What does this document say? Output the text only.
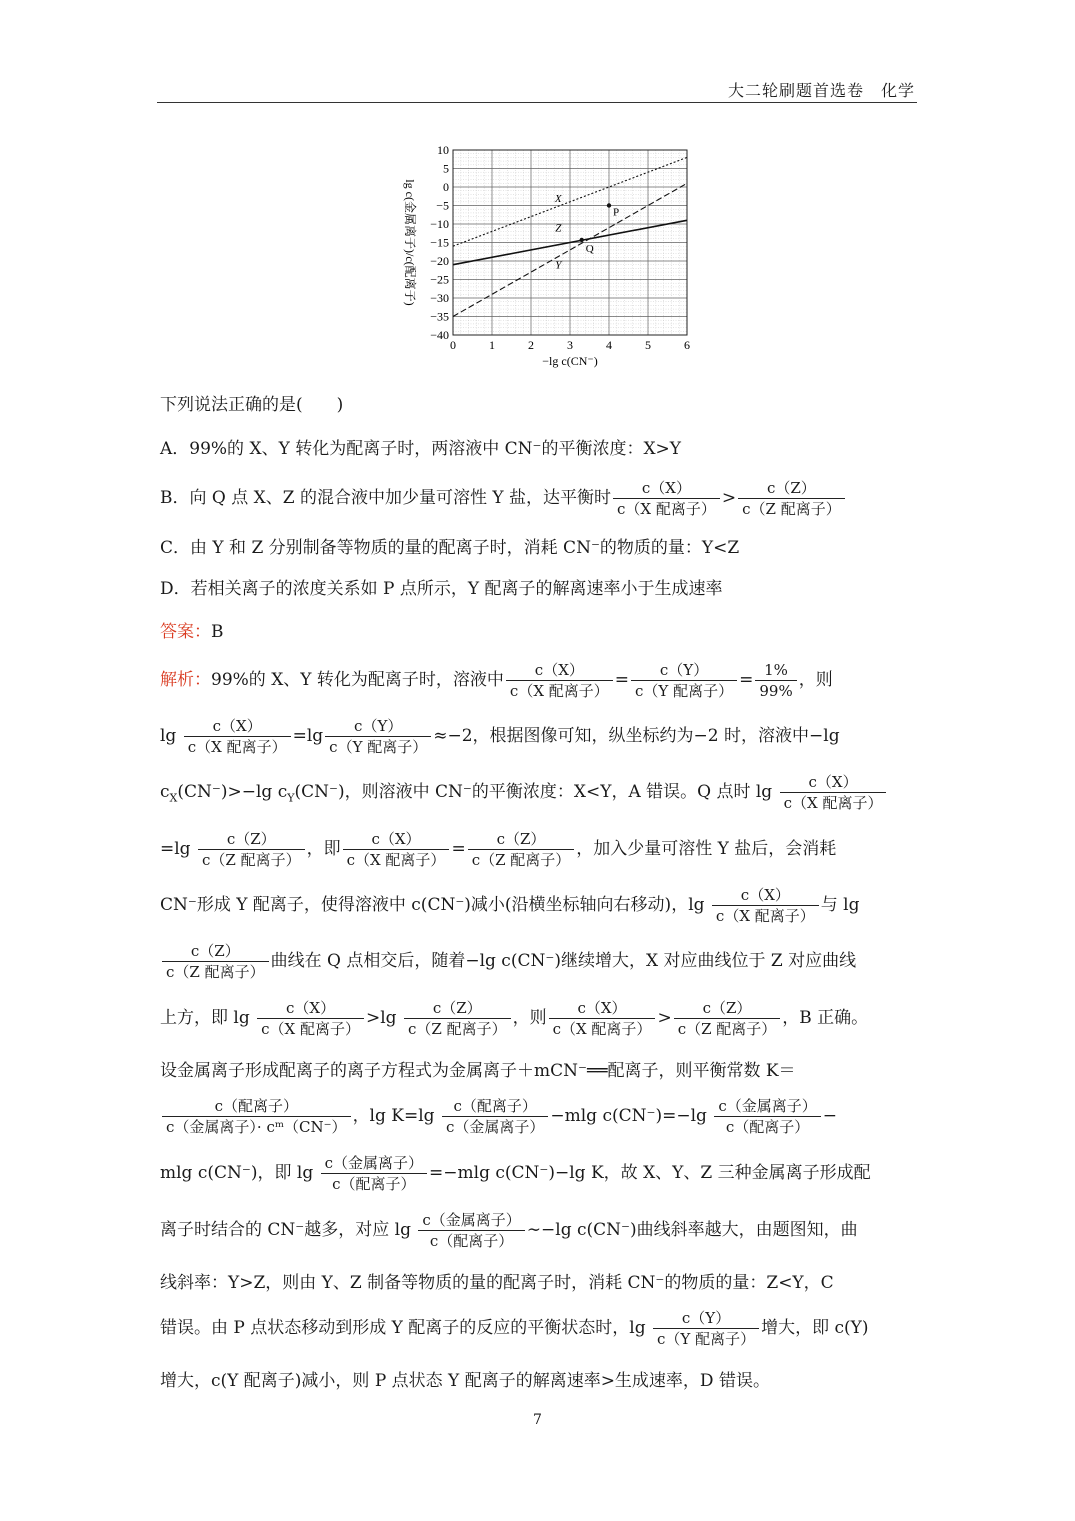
大二轮刷题首选卷　化学
0	1	2	3	4	5	6
10
5
0
−5
−10
−15
−20
−25
−30
−35
−40
−lg c(CN⁻)
lg c(金属离子)/c(配离子)	X
Z
Y
P
Q
下列说法正确的是(　　)
A．99%的 X、Y 转化为配离子时，两溶液中 CN⁻的平衡浓度：X>Y
B．向 Q 点 X、Z 的混合液中加少量可溶性 Y 盐，达平衡时 $\frac{c(X)}{\text{c（X 配离子）}} > \frac{c(Z)}{\text{c（Z 配离子）}}$
C．由 Y 和 Z 分别制备等物质的量的配离子时，消耗 CN⁻的物质的量：Y<Z
D．若相关离子的浓度关系如 P 点所示，Y 配离子的解离速率小于生成速率
答案：B
解析：99%的 X、Y 转化为配离子时，溶液中 $\frac{c(X)}{\text{c（X 配离子）}} = \frac{c(Y)}{\text{c（Y 配离子）}} = \frac{1\%}{99\%}$ ，则
$\lg \frac{c(X)}{\text{c（X 配离子）}} =\lg \frac{c(Y)}{\text{c（Y 配离子）}} \approx-2$，根据图像可知，纵坐标约为−2 时，溶液中−lg
$c_X(CN^-)>-\lg$ $c_Y(CN^-)$，则溶液中 CN⁻的平衡浓度：X<Y，A 错误。Q 点时 $\lg \frac{c(X)}{\text{c（X 配离子）}}$
$=\lg \frac{c(Z)}{\text{c（Z 配离子）}}$ ，即 $\frac{c(X)}{\text{c（X 配离子）}} = \frac{c(Z)}{\text{c（Z 配离子）}}$ ，加入少量可溶性 Y 盐后，会消耗
CN⁻形成 Y 配离子，使得溶液中 c(CN⁻)减小(沿横坐标轴向右移动)，$\lg \frac{c(X)}{\text{c（X 配离子）}}$ 与 lg
$\frac{c(Z)}{\text{c（Z 配离子）}}$ 曲线在 Q 点相交后，随着−lg c(CN⁻)继续增大，X 对应曲线位于 Z 对应曲线
上方，即 $\lg \frac{c(X)}{\text{c（X 配离子）}} >\lg \frac{c(Z)}{\text{c（Z 配离子）}}$ ，则 $\frac{c(X)}{\text{c（X 配离子）}} > \frac{c(Z)}{\text{c（Z 配离子）}}$ ，B 正确。
设金属离子形成配离子的离子方程式为金属离子＋mCN⁻══配离子，则平衡常数 K＝
$\frac{\text{c（配离子）}}{\text{c（金属离子）· cᵐ（CN⁻）}}$ ，$\lg K=\lg \frac{\text{c（配离子）}}{\text{c（金属离子）}} -mlg$ $c(CN^-)=-\lg \frac{\text{c（金属离子）}}{\text{c（配离子）}}$ −
mlg c(CN⁻)，即 $\lg \frac{\text{c（金属离子）}}{\text{c（配离子）}} =-mlg$ c(CN⁻)−lg K，故 X、Y、Z 三种金属离子形成配
离子时结合的 CN⁻越多，对应 $\lg \frac{\text{c（金属离子）}}{\text{c（配离子）}}$ ∼−lg c(CN⁻)曲线斜率越大，由题图知，曲
线斜率：Y>Z，则由 Y、Z 制备等物质的量的配离子时，消耗 CN⁻的物质的量：Z<Y，C
错误。由 P 点状态移动到形成 Y 配离子的反应的平衡状态时，$\lg \frac{c(Y)}{\text{c（Y 配离子）}}$ 增大，即 c(Y)
增大，c(Y 配离子)减小，则 P 点状态 Y 配离子的解离速率>生成速率，D 错误。
7
